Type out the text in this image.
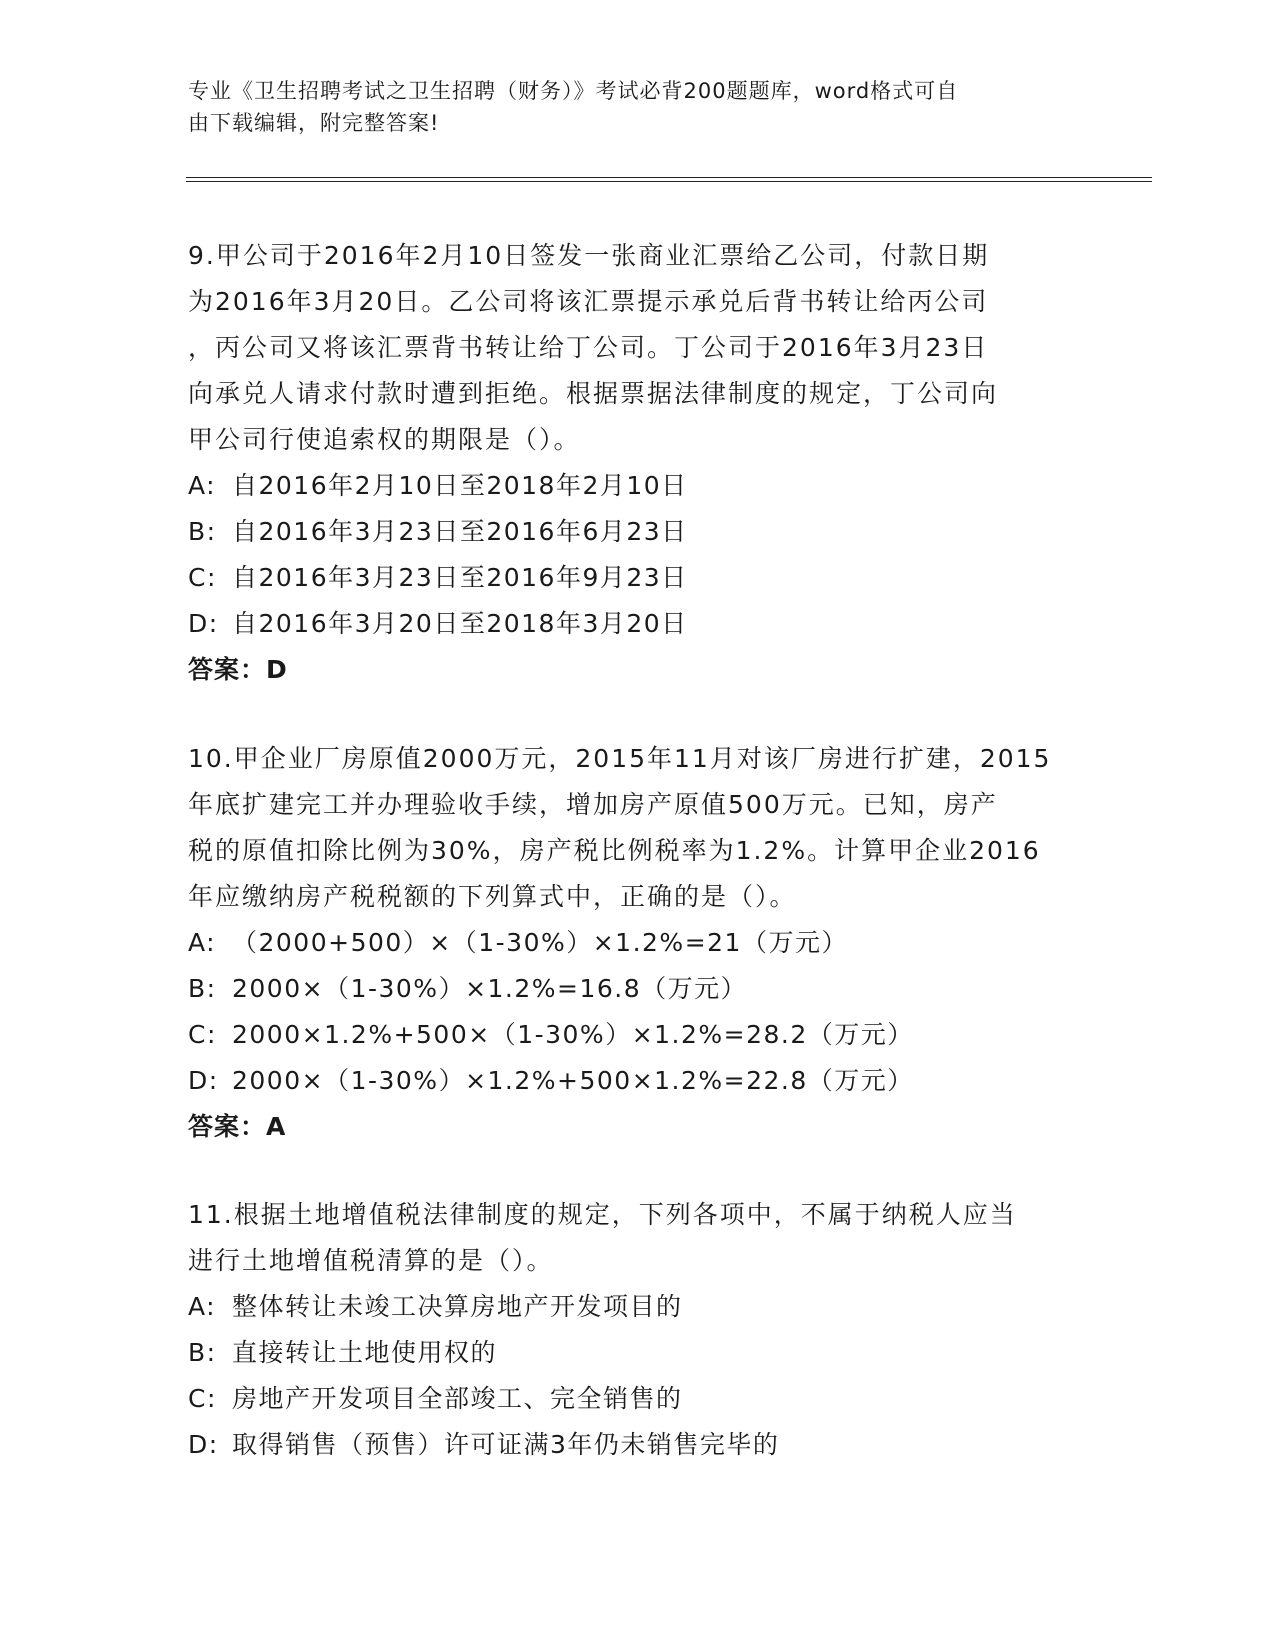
专业《卫生招聘考试之卫生招聘（财务）》考试必背200题题库，word格式可自
由下载编辑，附完整答案!
9.甲公司于2016年2月10日签发一张商业汇票给乙公司，付款日期
为2016年3月20日。乙公司将该汇票提示承兑后背书转让给丙公司
，丙公司又将该汇票背书转让给丁公司。丁公司于2016年3月23日
向承兑人请求付款时遭到拒绝。根据票据法律制度的规定，丁公司向
甲公司行使追索权的期限是（）。
A: 自2016年2月10日至2018年2月10日
B: 自2016年3月23日至2016年6月23日
C: 自2016年3月23日至2016年9月23日
D: 自2016年3月20日至2018年3月20日
答案：D
10.甲企业厂房原值2000万元，2015年11月对该厂房进行扩建，2015
年底扩建完工并办理验收手续，增加房产原值500万元。已知，房产
税的原值扣除比例为30%，房产税比例税率为1.2%。计算甲企业2016
年应缴纳房产税税额的下列算式中，正确的是（）。
A: （2000+500）×（1-30%）×1.2%=21（万元）
B: 2000×（1-30%）×1.2%=16.8（万元）
C: 2000×1.2%+500×（1-30%）×1.2%=28.2（万元）
D: 2000×（1-30%）×1.2%+500×1.2%=22.8（万元）
答案：A
11.根据土地增值税法律制度的规定，下列各项中，不属于纳税人应当
进行土地增值税清算的是（）。
A: 整体转让未竣工决算房地产开发项目的
B: 直接转让土地使用权的
C: 房地产开发项目全部竣工、完全销售的
D: 取得销售（预售）许可证满3年仍未销售完毕的
